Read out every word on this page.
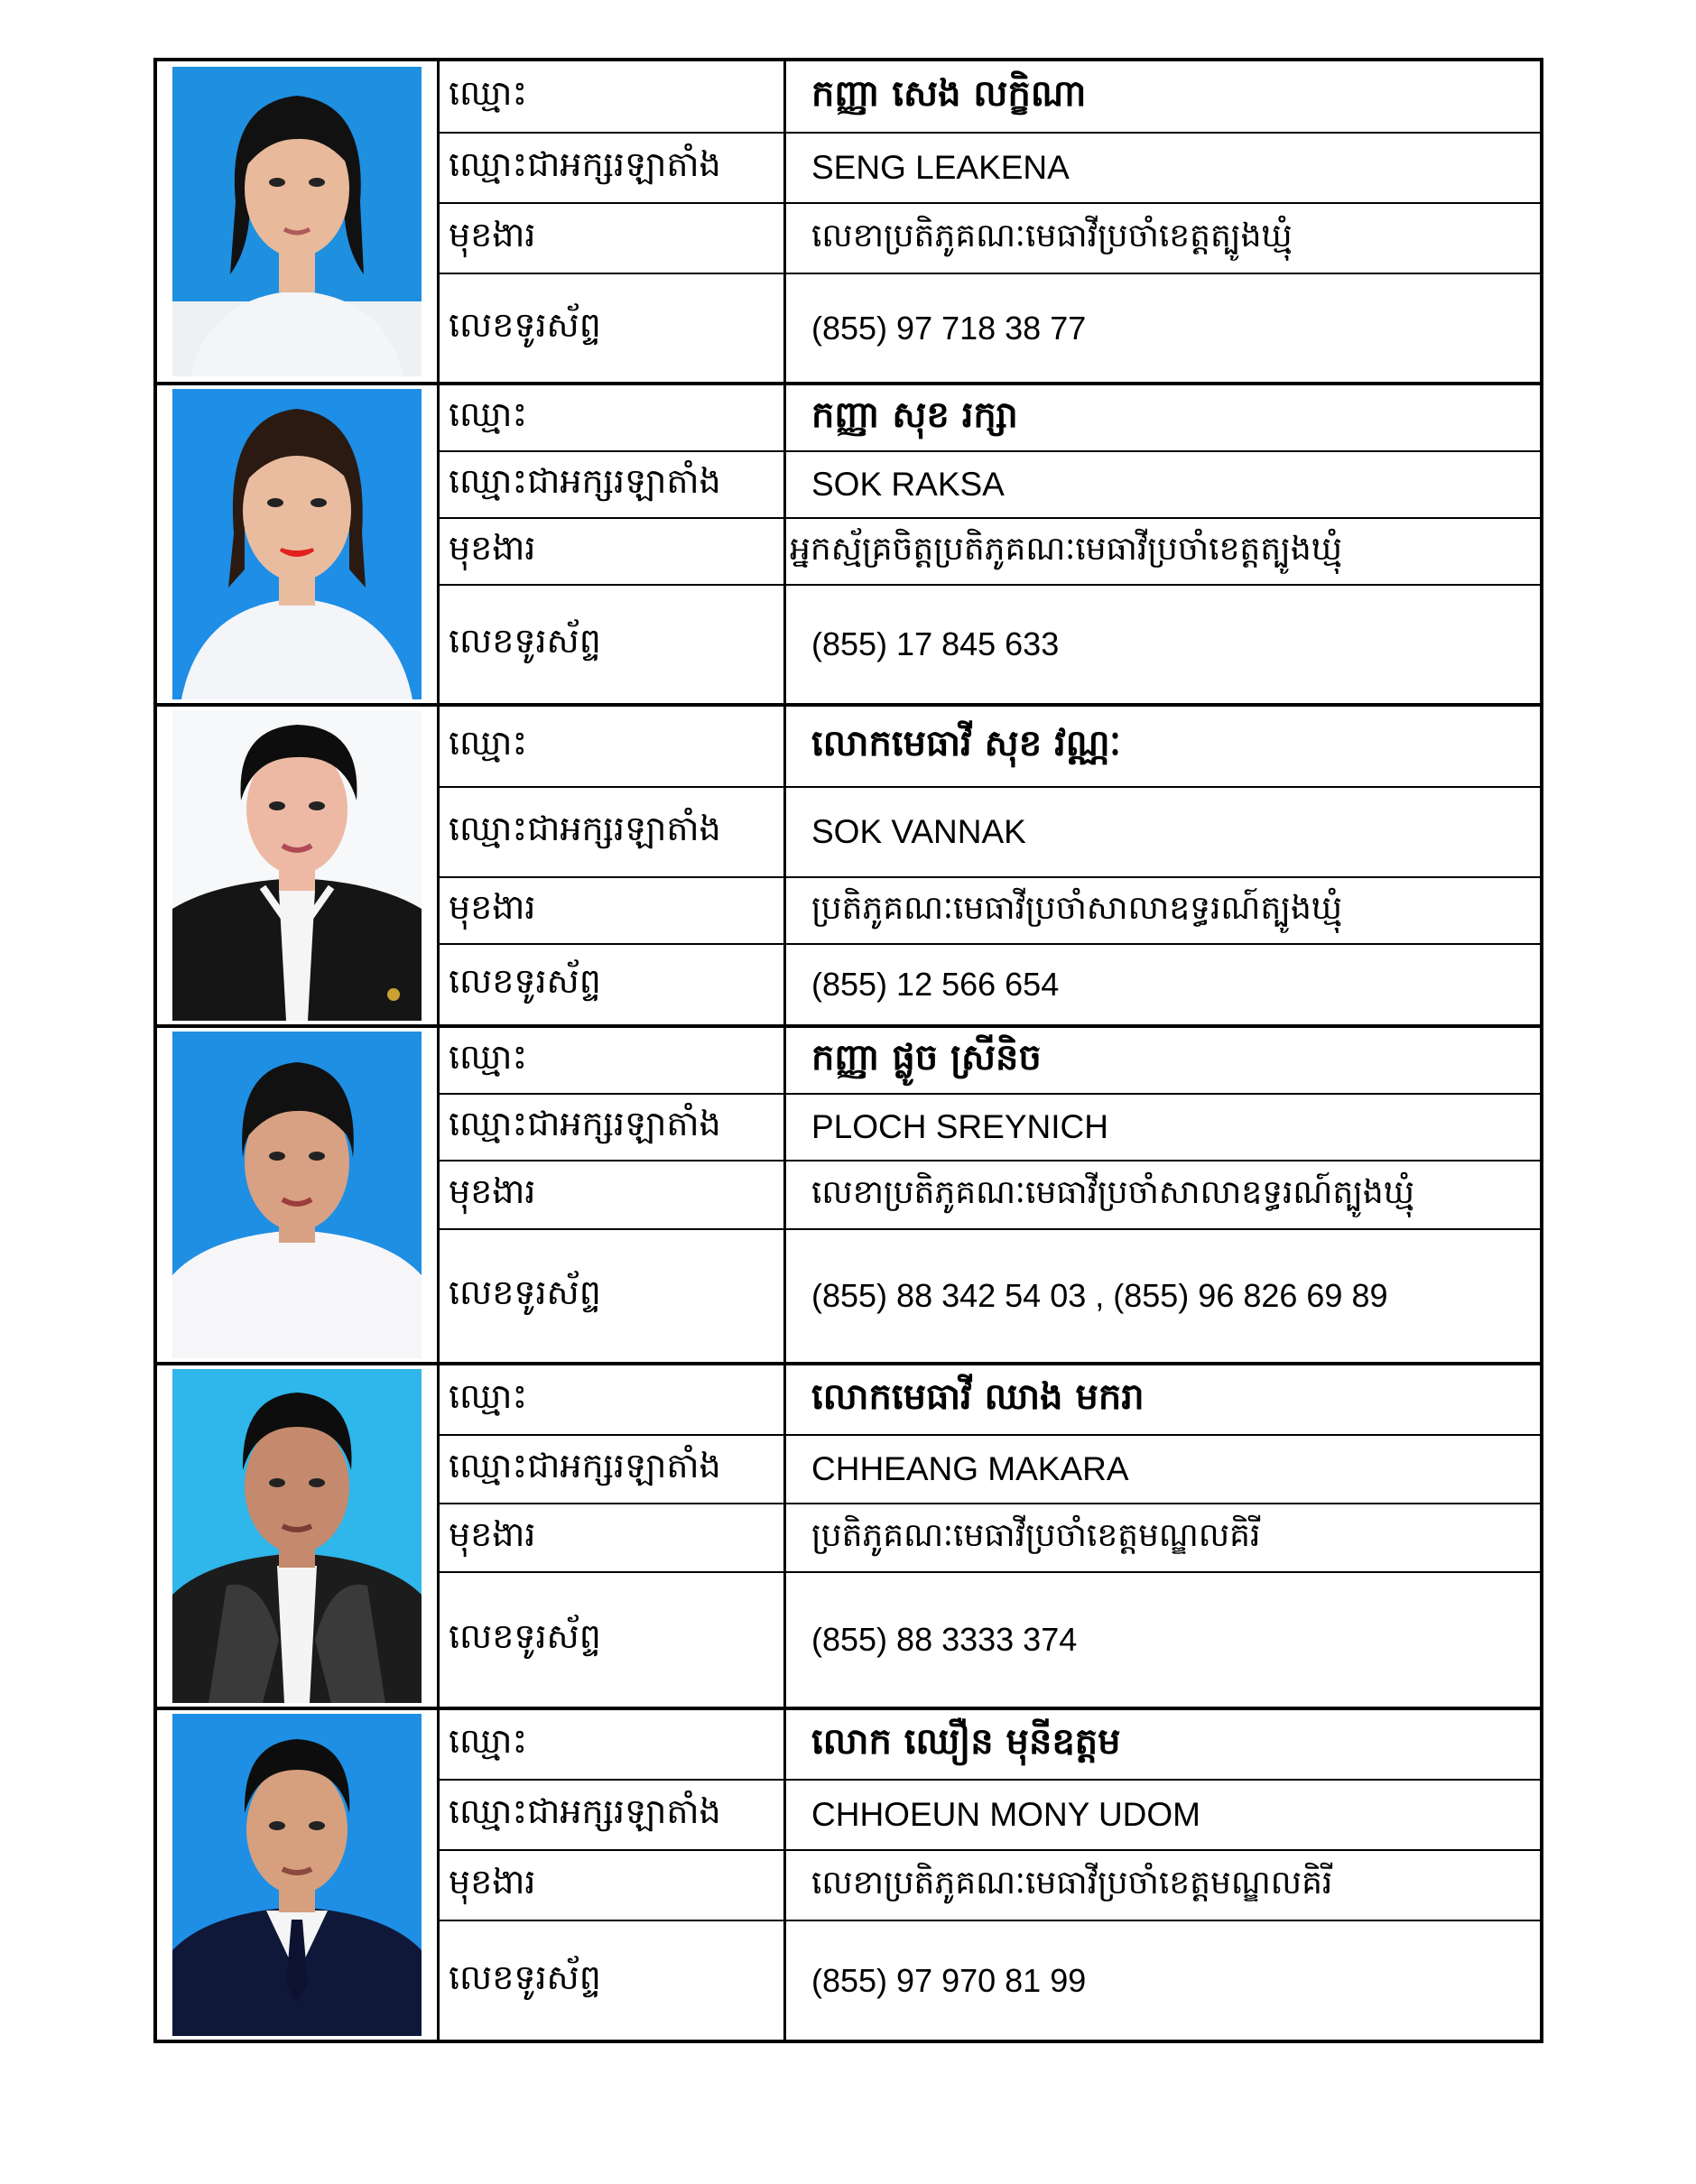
ឈ្មោះ	កញ្ញា សេង លក្ខិណា
ឈ្មោះជាអក្សរឡាតាំង	SENG LEAKENA
មុខងារ	លេខាប្រតិភូគណៈមេធាវីប្រចាំខេត្តត្បូងឃ្មុំ
លេខទូរស័ព្ទ	(855) 97 718 38 77
ឈ្មោះ	កញ្ញា សុខ រក្សា
ឈ្មោះជាអក្សរឡាតាំង	SOK RAKSA
មុខងារ	អ្នកស្ម័គ្រចិត្តប្រតិភូគណៈមេធាវីប្រចាំខេត្តត្បូងឃ្មុំ
លេខទូរស័ព្ទ	(855) 17 845 633
ឈ្មោះ	លោកមេធាវី សុខ វណ្ណៈ
ឈ្មោះជាអក្សរឡាតាំង	SOK VANNAK
មុខងារ	ប្រតិភូគណៈមេធាវីប្រចាំសាលាឧទ្ធរណ៍ត្បូងឃ្មុំ
លេខទូរស័ព្ទ	(855) 12 566 654
ឈ្មោះ	កញ្ញា ផ្លូច ស្រីនិច
ឈ្មោះជាអក្សរឡាតាំង	PLOCH SREYNICH
មុខងារ	លេខាប្រតិភូគណៈមេធាវីប្រចាំសាលាឧទ្ធរណ៍ត្បូងឃ្មុំ
លេខទូរស័ព្ទ	(855) 88 342 54 03 , (855) 96 826 69 89
ឈ្មោះ	លោកមេធាវី ឈាង មករា
ឈ្មោះជាអក្សរឡាតាំង	CHHEANG MAKARA
មុខងារ	ប្រតិភូគណៈមេធាវីប្រចាំខេត្តមណ្ឌលគិរី
លេខទូរស័ព្ទ	(855) 88 3333 374
ឈ្មោះ	លោក ឈឿន មុនីឧត្តម
ឈ្មោះជាអក្សរឡាតាំង	CHHOEUN MONY UDOM
មុខងារ	លេខាប្រតិភូគណៈមេធាវីប្រចាំខេត្តមណ្ឌលគិរី
លេខទូរស័ព្ទ	(855) 97 970 81 99
